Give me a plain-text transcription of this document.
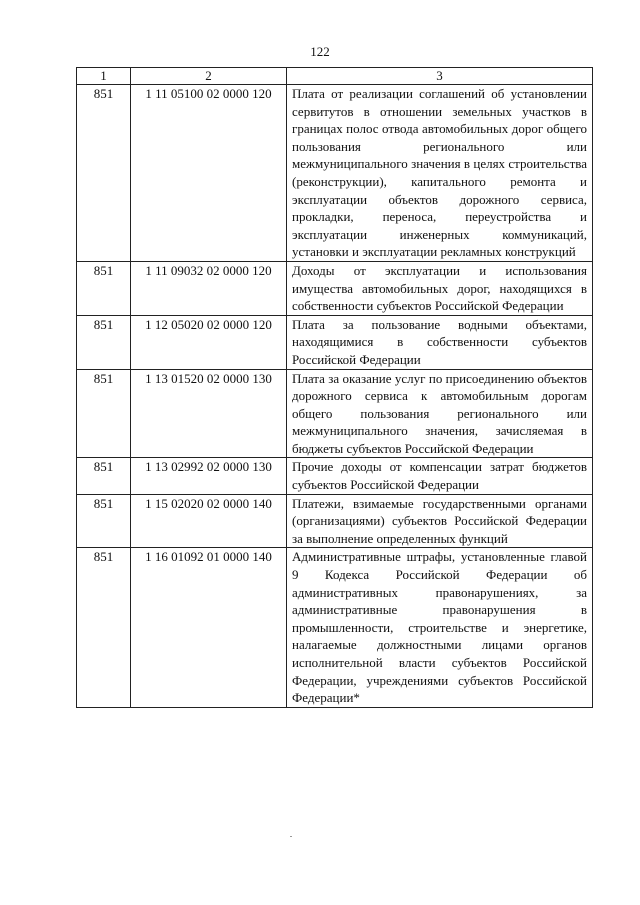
122
1	2	3
851	1 11 05100 02 0000 120	Плата от реализации соглашений об установлении сервитутов в отношении земельных участков в границах полос отвода автомобильных дорог общего пользования регионального или межмуниципального значения в целях строительства (реконструкции), капитального ремонта и эксплуатации объектов дорожного сервиса, прокладки, переноса, переустройства и эксплуатации инженерных коммуникаций, установки и эксплуатации рекламных конструкций
851	1 11 09032 02 0000 120	Доходы от эксплуатации и использования имущества автомобильных дорог, находящихся в собственности субъектов Российской Федерации
851	1 12 05020 02 0000 120	Плата за пользование водными объектами, находящимися в собственности субъектов Российской Федерации
851	1 13 01520 02 0000 130	Плата за оказание услуг по присоединению объектов дорожного сервиса к автомобильным дорогам общего пользования регионального или межмуниципального значения, зачисляемая в бюджеты субъектов Российской Федерации
851	1 13 02992 02 0000 130	Прочие доходы от компенсации затрат бюджетов субъектов Российской Федерации
851	1 15 02020 02 0000 140	Платежи, взимаемые государственными органами (организациями) субъектов Российской Федерации за выполнение определенных функций
851	1 16 01092 01 0000 140	Административные штрафы, установленные главой 9 Кодекса Российской Федерации об административных правонарушениях, за административные правонарушения в промышленности, строительстве и энергетике, налагаемые должностными лицами органов исполнительной власти субъектов Российской Федерации, учреждениями субъектов Российской Федерации*
